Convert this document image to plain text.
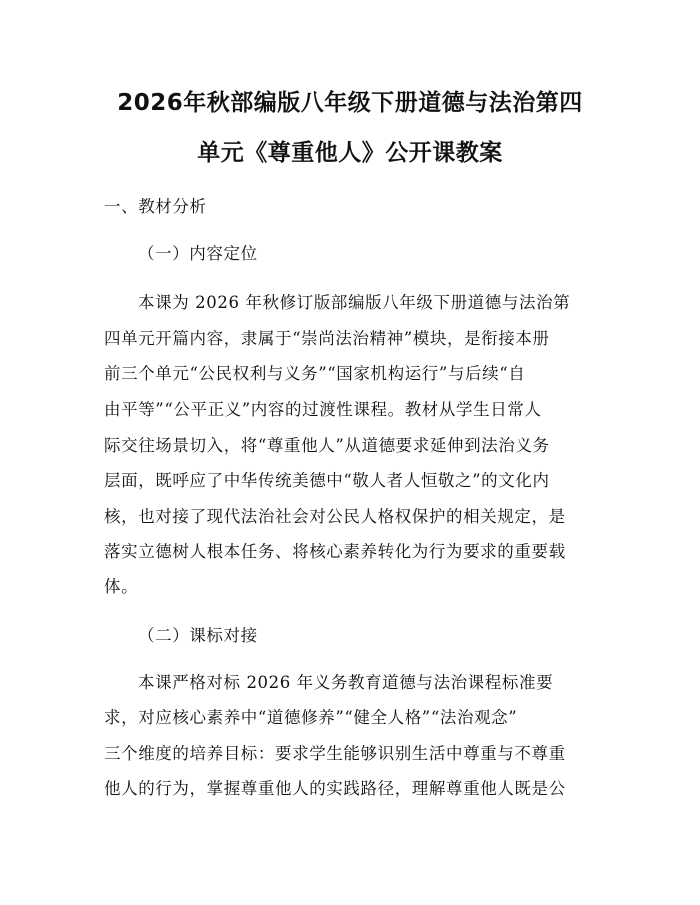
2026年秋部编版八年级下册道德与法治第四
单元《尊重他人》公开课教案
一、教材分析
（一）内容定位
本课为 2026 年秋修订版部编版八年级下册道德与法治第
四单元开篇内容，隶属于“崇尚法治精神”模块，是衔接本册
前三个单元“公民权利与义务”“国家机构运行”与后续“自
由平等”“公平正义”内容的过渡性课程。教材从学生日常人
际交往场景切入，将“尊重他人”从道德要求延伸到法治义务
层面，既呼应了中华传统美德中“敬人者人恒敬之”的文化内
核，也对接了现代法治社会对公民人格权保护的相关规定，是
落实立德树人根本任务、将核心素养转化为行为要求的重要载
体。
（二）课标对接
本课严格对标 2026 年义务教育道德与法治课程标准要
求，对应核心素养中“道德修养”“健全人格”“法治观念”
三个维度的培养目标：要求学生能够识别生活中尊重与不尊重
他人的行为，掌握尊重他人的实践路径，理解尊重他人既是公
